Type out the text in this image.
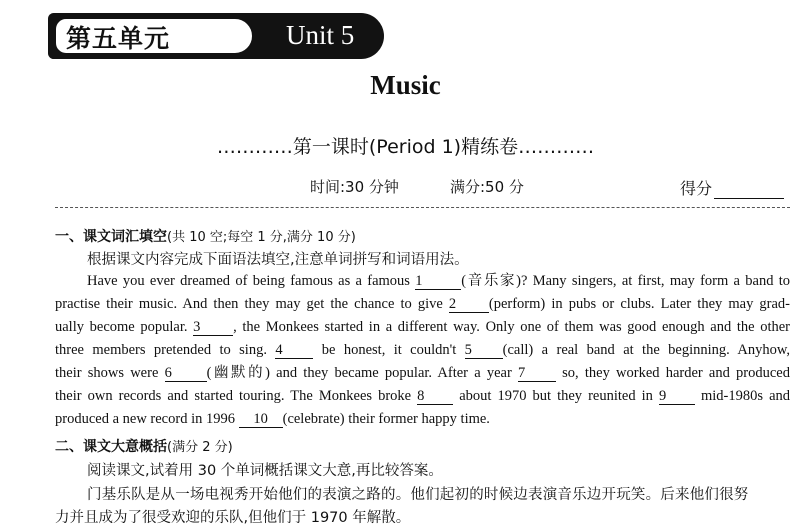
第五单元	Unit 5
Music
…………第一课时(Period 1)精练卷…………
时间:30 分钟	满分:50 分	得分
一、课文词汇填空(共 10 空;每空 1 分,满分 10 分)
根据课文内容完成下面语法填空,注意单词拼写和词语用法。
Have you ever dreamed of being famous as a famous 1	(音乐家)? Many singers, at first, may form a band to
practise their music. And then they may get the chance to give 2 (perform) in pubs or clubs. Later they may grad-
ually become popular. 3 , the Monkees started in a different way. Only one of them was good enough and the other
three members pretended to sing. 4 be honest, it couldn't 5 (call) a real band at the beginning. Anyhow,
their shows were 6 (幽默的) and they became popular. After a year 7 so, they worked harder and produced
their own records and started touring. The Monkees broke 8 about 1970 but they reunited in 9 mid-1980s and
produced a new record in 1996 10 (celebrate) their former happy time.
二、课文大意概括(满分 2 分)
阅读课文,试着用 30 个单词概括课文大意,再比较答案。
门基乐队是从一场电视秀开始他们的表演之路的。他们起初的时候边表演音乐边开玩笑。后来他们很努
力并且成为了很受欢迎的乐队,但他们于 1970 年解散。
